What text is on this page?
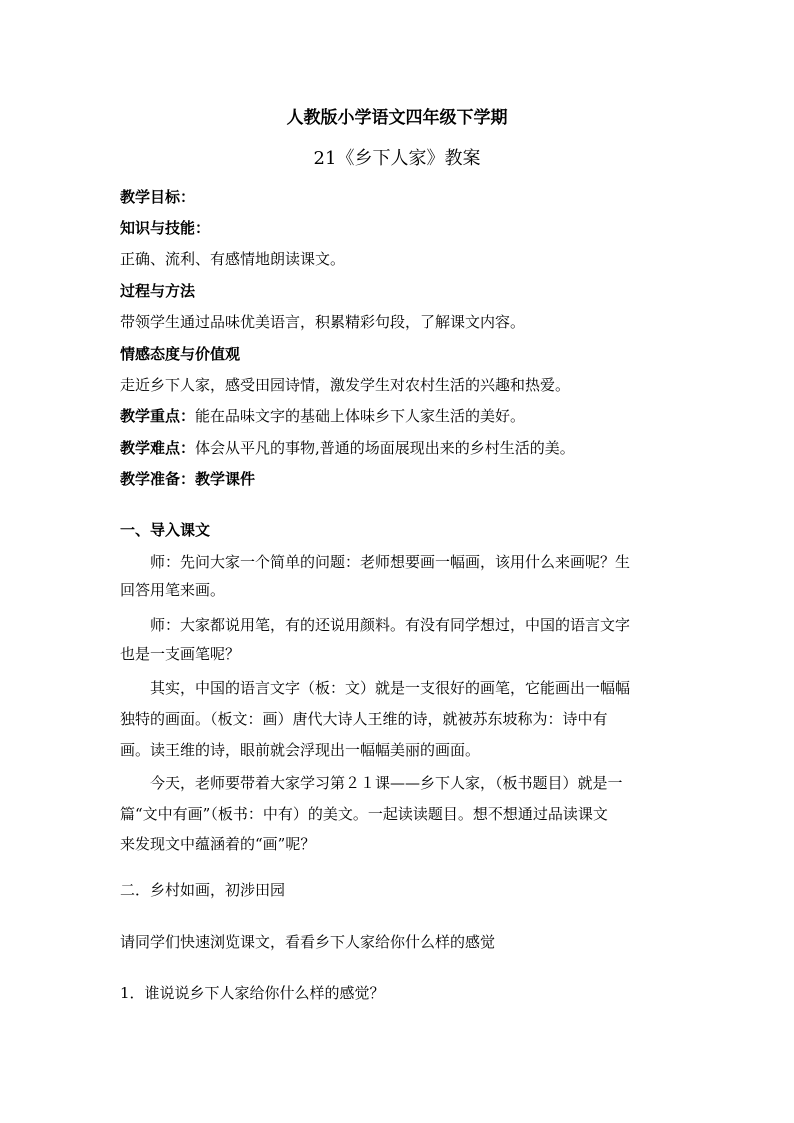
人教版小学语文四年级下学期
21《乡下人家》教案
教学目标：
知识与技能：
正确、流利、有感情地朗读课文。
过程与方法
带领学生通过品味优美语言，积累精彩句段，了解课文内容。
情感态度与价值观
走近乡下人家，感受田园诗情，激发学生对农村生活的兴趣和热爱。
教学重点：能在品味文字的基础上体味乡下人家生活的美好。
教学难点：体会从平凡的事物,普通的场面展现出来的乡村生活的美。
教学准备：教学课件
一、导入课文
师：先问大家一个简单的问题：老师想要画一幅画，该用什么来画呢？生
回答用笔来画。
师：大家都说用笔，有的还说用颜料。有没有同学想过，中国的语言文字
也是一支画笔呢？
其实，中国的语言文字（板：文）就是一支很好的画笔，它能画出一幅幅
独特的画面。（板文：画）唐代大诗人王维的诗，就被苏东坡称为：诗中有
画。读王维的诗，眼前就会浮现出一幅幅美丽的画面。
今天，老师要带着大家学习第２１课——乡下人家，（板书题目）就是一
篇“文中有画”（板书：中有）的美文。一起读读题目。想不想通过品读课文
来发现文中蕴涵着的“画”呢？
二．乡村如画，初涉田园
请同学们快速浏览课文，看看乡下人家给你什么样的感觉
1．谁说说乡下人家给你什么样的感觉？
